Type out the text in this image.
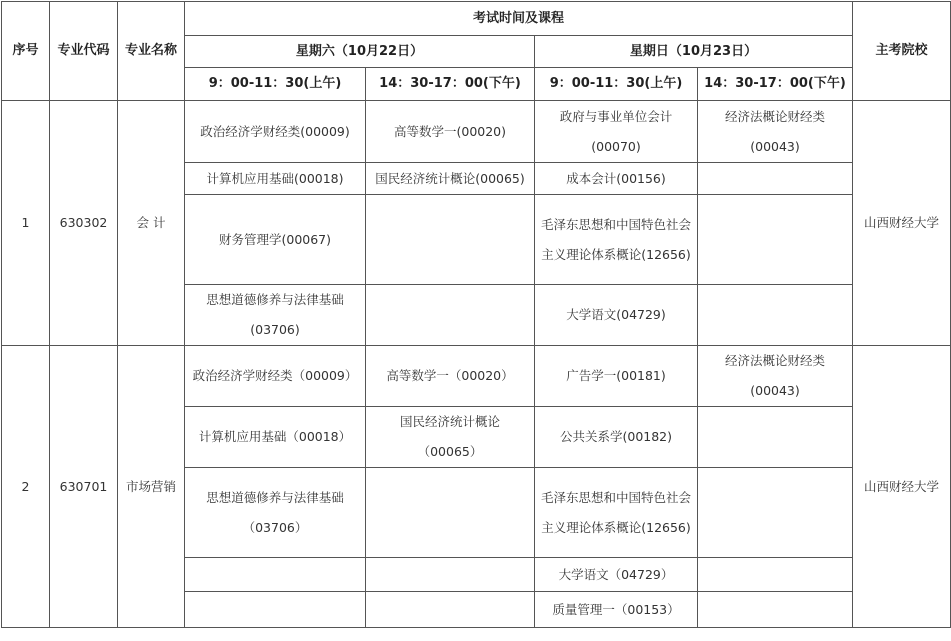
序号	专业代码	专业名称	考试时间及课程				主考院校
			星期六（10月22日）		星期日（10月23日）		
			9：00-11：30(上午)	14：30-17：00(下午)	9：00-11：30(上午)	14：30-17：00(下午)	
1	630302	会 计	政治经济学财经类(00009)	高等数学一(00020)	政府与事业单位会计(00070)	经济法概论财经类(00043)	山西财经大学
			计算机应用基础(00018)	国民经济统计概论(00065)	成本会计(00156)		
			财务管理学(00067)		毛泽东思想和中国特色社会主义理论体系概论(12656)		
			思想道德修养与法律基础(03706)		大学语文(04729)		
2	630701	市场营销	政治经济学财经类（00009）	高等数学一（00020）	广告学一(00181)	经济法概论财经类(00043)	山西财经大学
			计算机应用基础（00018）	国民经济统计概论（00065）	公共关系学(00182)		
			思想道德修养与法律基础（03706）		毛泽东思想和中国特色社会主义理论体系概论(12656)		
					大学语文（04729）		
					质量管理一（00153）		
